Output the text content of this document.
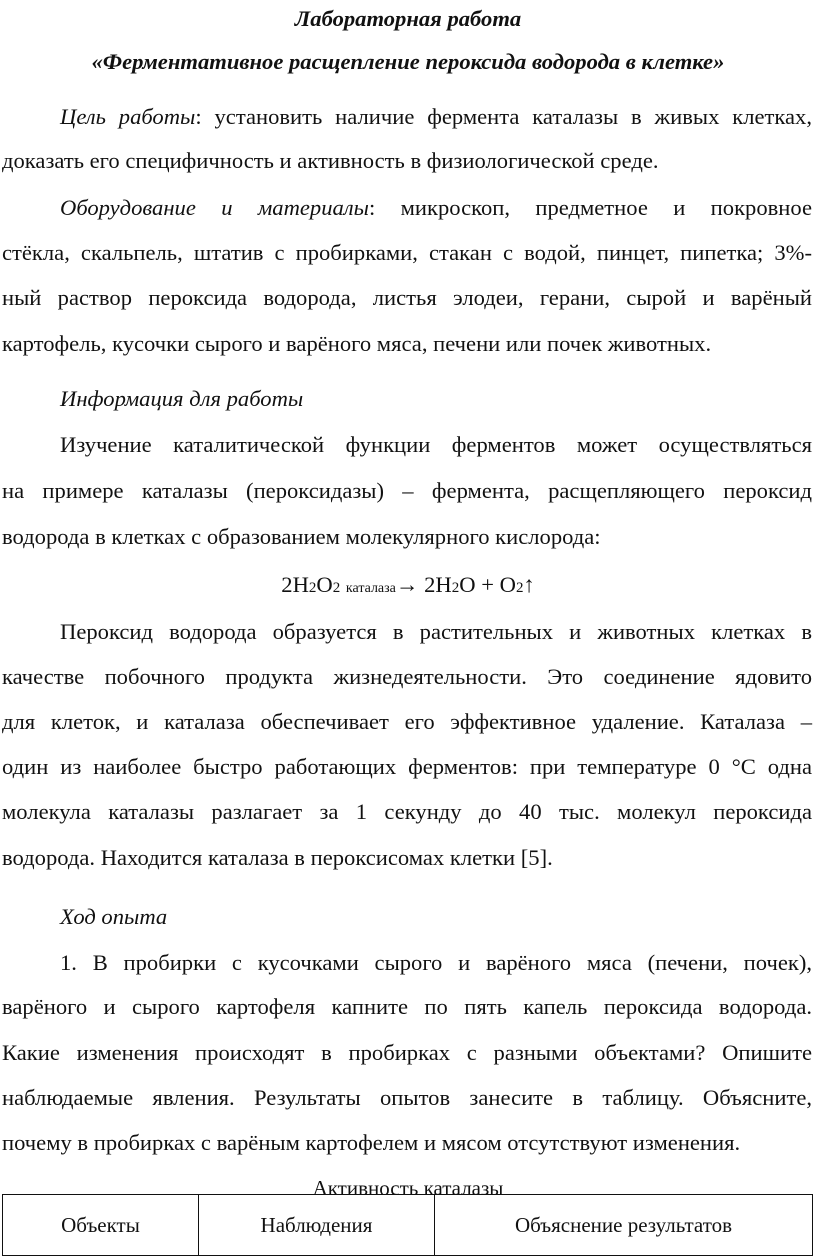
Лабораторная работа

«Ферментативное расщепление пероксида водорода в клетке»

Цель работы: установить наличие фермента каталазы в живых клетках,

доказать его специфичность и активность в физиологической среде.

Оборудование и материалы: микроскоп, предметное и покровное

стёкла, скальпель, штатив с пробирками, стакан с водой, пинцет, пипетка; 3%-

ный раствор пероксида водорода, листья элодеи, герани, сырой и варёный

картофель, кусочки сырого и варёного мяса, печени или почек животных.

Информация для работы

Изучение каталитической функции ферментов может осуществляться

на примере каталазы (пероксидазы) – фермента, расщепляющего пероксид

водорода в клетках с образованием молекулярного кислорода:

2H2O2 каталаза→ 2H2O + O2↑

Пероксид водорода образуется в растительных и животных клетках в

качестве побочного продукта жизнедеятельности. Это соединение ядовито

для клеток, и каталаза обеспечивает его эффективное удаление. Каталаза –

один из наиболее быстро работающих ферментов: при температуре 0 °С одна

молекула каталазы разлагает за 1 секунду до 40 тыс. молекул пероксида

водорода. Находится каталаза в пероксисомах клетки [5].

Ход опыта

1. В пробирки с кусочками сырого и варёного мяса (печени, почек),

варёного и сырого картофеля капните по пять капель пероксида водорода.

Какие изменения происходят в пробирках с разными объектами? Опишите

наблюдаемые явления. Результаты опытов занесите в таблицу. Объясните,

почему в пробирках с варёным картофелем и мясом отсутствуют изменения.

Активность каталазы

Объекты	Наблюдения	Объяснение результатов
